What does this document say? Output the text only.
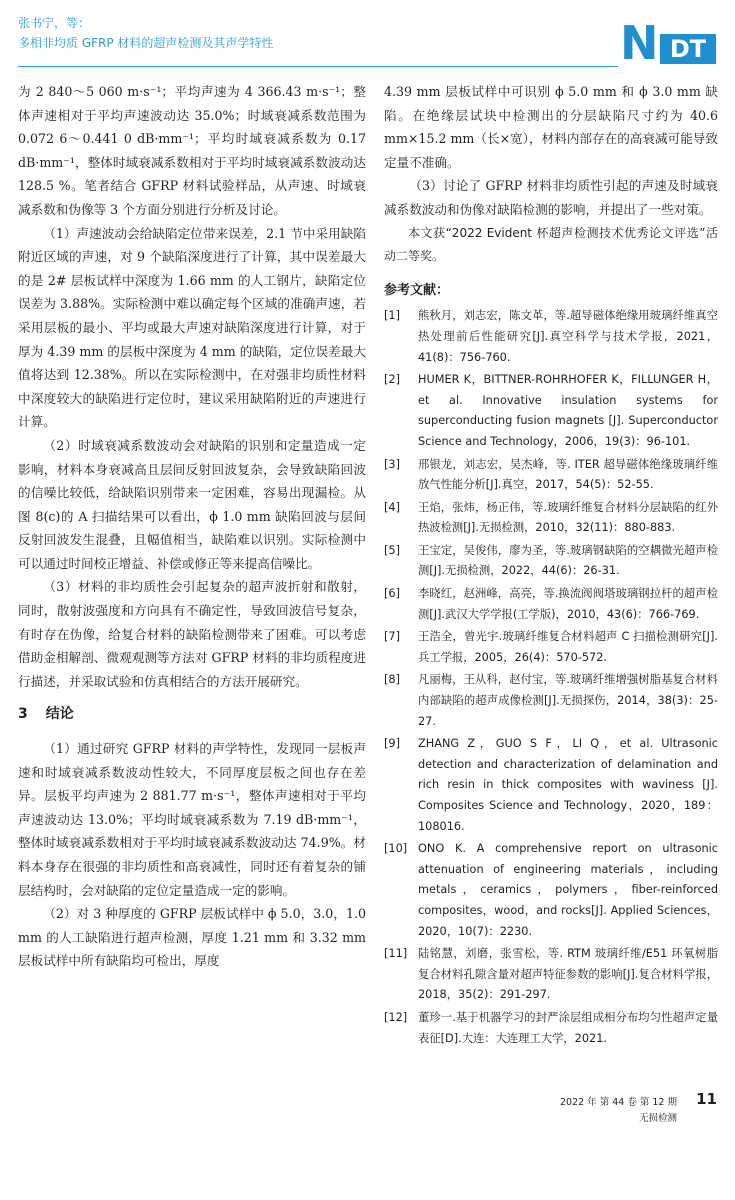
张书宁，等：
多相非均质 GFRP 材料的超声检测及其声学特性	N DT

为 2 840～5 060 m·s⁻¹；平均声速为 4 366.43 m·s⁻¹；整体声速相对于平均声速波动达 35.0%；时域衰减系数范围为 0.072 6～0.441 0 dB·mm⁻¹；平均时域衰减系数为 0.17 dB·mm⁻¹，整体时域衰减系数相对于平均时域衰减系数波动达 128.5 %。笔者结合 GFRP 材料试验样品，从声速、时域衰减系数和伪像等 3 个方面分别进行分析及讨论。

（1）声速波动会给缺陷定位带来误差，2.1 节中采用缺陷附近区域的声速，对 9 个缺陷深度进行了计算，其中误差最大的是 2# 层板试样中深度为 1.66 mm 的人工钢片，缺陷定位误差为 3.88%。实际检测中难以确定每个区域的准确声速，若采用层板的最小、平均或最大声速对缺陷深度进行计算，对于厚为 4.39 mm 的层板中深度为 4 mm 的缺陷，定位误差最大值将达到 12.38%。所以在实际检测中，在对强非均质性材料中深度较大的缺陷进行定位时，建议采用缺陷附近的声速进行计算。

（2）时域衰减系数波动会对缺陷的识别和定量造成一定影响，材料本身衰减高且层间反射回波复杂，会导致缺陷回波的信噪比较低，给缺陷识别带来一定困难，容易出现漏检。从图 8(c)的 A 扫描结果可以看出，ϕ 1.0 mm 缺陷回波与层间反射回波发生混叠，且幅值相当，缺陷难以识别。实际检测中可以通过时间校正增益、补偿或修正等来提高信噪比。

（3）材料的非均质性会引起复杂的超声波折射和散射，同时，散射波强度和方向具有不确定性，导致回波信号复杂，有时存在伪像，给复合材料的缺陷检测带来了困难。可以考虑借助金相解剖、微观观测等方法对 GFRP 材料的非均质程度进行描述，并采取试验和仿真相结合的方法开展研究。

3 结论

（1）通过研究 GFRP 材料的声学特性，发现同一层板声速和时域衰减系数波动性较大，不同厚度层板之间也存在差异。层板平均声速为 2 881.77 m·s⁻¹，整体声速相对于平均声速波动达 13.0%；平均时域衰减系数为 7.19 dB·mm⁻¹，整体时域衰减系数相对于平均时域衰减系数波动达 74.9%。材料本身存在很强的非均质性和高衰减性，同时还有着复杂的铺层结构时，会对缺陷的定位定量造成一定的影响。

（2）对 3 种厚度的 GFRP 层板试样中 ϕ 5.0，3.0，1.0 mm 的人工缺陷进行超声检测，厚度 1.21 mm 和 3.32 mm 层板试样中所有缺陷均可检出，厚度

4.39 mm 层板试样中可识别 ϕ 5.0 mm 和 ϕ 3.0 mm 缺陷。在绝缘层试块中检测出的分层缺陷尺寸约为 40.6 mm×15.2 mm（长×宽），材料内部存在的高衰减可能导致定量不准确。

（3）讨论了 GFRP 材料非均质性引起的声速及时域衰减系数波动和伪像对缺陷检测的影响，并提出了一些对策。

本文获“2022 Evident 杯超声检测技术优秀论文评选”活动二等奖。

参考文献：
[1]	熊秋月，刘志宏，陈文革，等.超导磁体绝缘用玻璃纤维真空热处理前后性能研究[J].真空科学与技术学报，2021，41(8)：756-760.
[2]	HUMER K，BITTNER-ROHRHOFER K，FILLUNGER H，et al. Innovative insulation systems for superconducting fusion magnets [J]. Superconductor Science and Technology，2006，19(3)：96-101.
[3]	邢银龙，刘志宏，吴杰峰，等. ITER 超导磁体绝缘玻璃纤维放气性能分析[J].真空，2017，54(5)：52-55.
[4]	王焰，张炜，杨正伟，等.玻璃纤维复合材料分层缺陷的红外热波检测[J].无损检测，2010，32(11)：880-883.
[5]	王宝定，吴俊伟，廖为圣，等.玻璃钢缺陷的空耦微光超声检测[J].无损检测，2022，44(6)：26-31.
[6]	李晓红，赵洲峰，高亮，等.换流阀阀塔玻璃钢拉杆的超声检测[J].武汉大学学报(工学版)，2010，43(6)：766-769.
[7]	王浩全，曾光宇.玻璃纤维复合材料超声 C 扫描检测研究[J].兵工学报，2005，26(4)：570-572.
[8]	凡丽梅，王从科，赵付宝，等.玻璃纤维增强树脂基复合材料内部缺陷的超声成像检测[J].无损探伤，2014，38(3)：25-27.
[9]	ZHANG Z，GUO S F，LI Q，et al. Ultrasonic detection and characterization of delamination and rich resin in thick composites with waviness [J]. Composites Science and Technology，2020，189：108016.
[10] ONO K. A comprehensive report on ultrasonic attenuation of engineering materials，including metals，ceramics，polymers，fiber-reinforced composites，wood，and rocks[J]. Applied Sciences，2020，10(7)：2230.
[11] 陆铭慧，刘磨，张雪松，等. RTM 玻璃纤维/E51 环氧树脂复合材料孔隙含量对超声特征参数的影响[J].复合材料学报，2018，35(2)：291-297.
[12] 董珍一.基于机器学习的封严涂层组成相分布均匀性超声定量表征[D].大连：大连理工大学，2021.
2022 年 第 44 卷 第 12 期
无损检测
11
